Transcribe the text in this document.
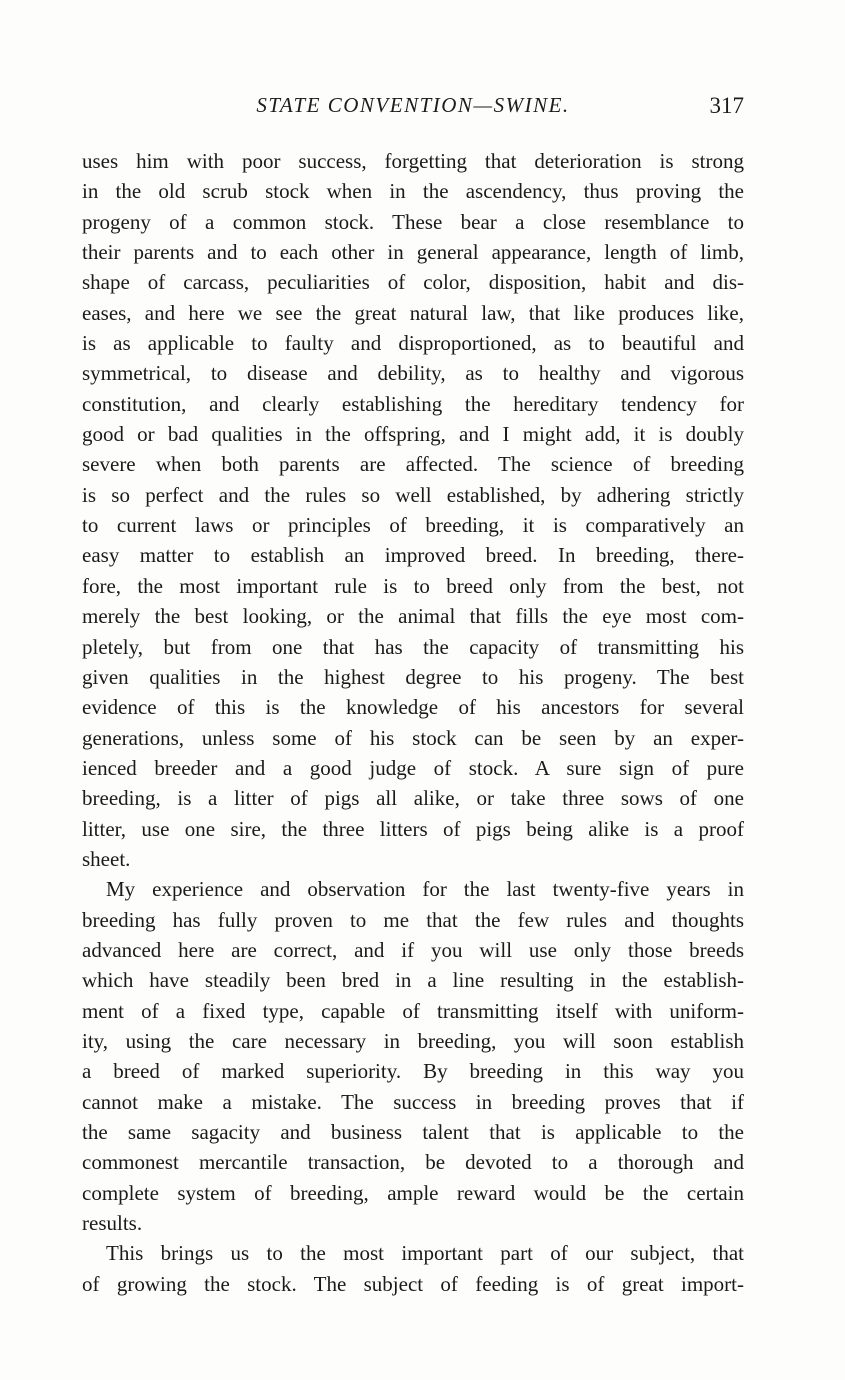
STATE CONVENTION—SWINE.	317
uses him with poor success, forgetting that deterioration is strong
in the old scrub stock when in the ascendency, thus proving the
progeny of a common stock. These bear a close resemblance to
their parents and to each other in general appearance, length of limb,
shape of carcass, peculiarities of color, disposition, habit and dis-
eases, and here we see the great natural law, that like produces like,
is as applicable to faulty and disproportioned, as to beautiful and
symmetrical, to disease and debility, as to healthy and vigorous
constitution, and clearly establishing the hereditary tendency for
good or bad qualities in the offspring, and I might add, it is doubly
severe when both parents are affected. The science of breeding
is so perfect and the rules so well established, by adhering strictly
to current laws or principles of breeding, it is comparatively an
easy matter to establish an improved breed. In breeding, there-
fore, the most important rule is to breed only from the best, not
merely the best looking, or the animal that fills the eye most com-
pletely, but from one that has the capacity of transmitting his
given qualities in the highest degree to his progeny. The best
evidence of this is the knowledge of his ancestors for several
generations, unless some of his stock can be seen by an exper-
ienced breeder and a good judge of stock. A sure sign of pure
breeding, is a litter of pigs all alike, or take three sows of one
litter, use one sire, the three litters of pigs being alike is a proof
sheet.
My experience and observation for the last twenty-five years in
breeding has fully proven to me that the few rules and thoughts
advanced here are correct, and if you will use only those breeds
which have steadily been bred in a line resulting in the establish-
ment of a fixed type, capable of transmitting itself with uniform-
ity, using the care necessary in breeding, you will soon establish
a breed of marked superiority. By breeding in this way you
cannot make a mistake. The success in breeding proves that if
the same sagacity and business talent that is applicable to the
commonest mercantile transaction, be devoted to a thorough and
complete system of breeding, ample reward would be the certain
results.
This brings us to the most important part of our subject, that
of growing the stock. The subject of feeding is of great import-
